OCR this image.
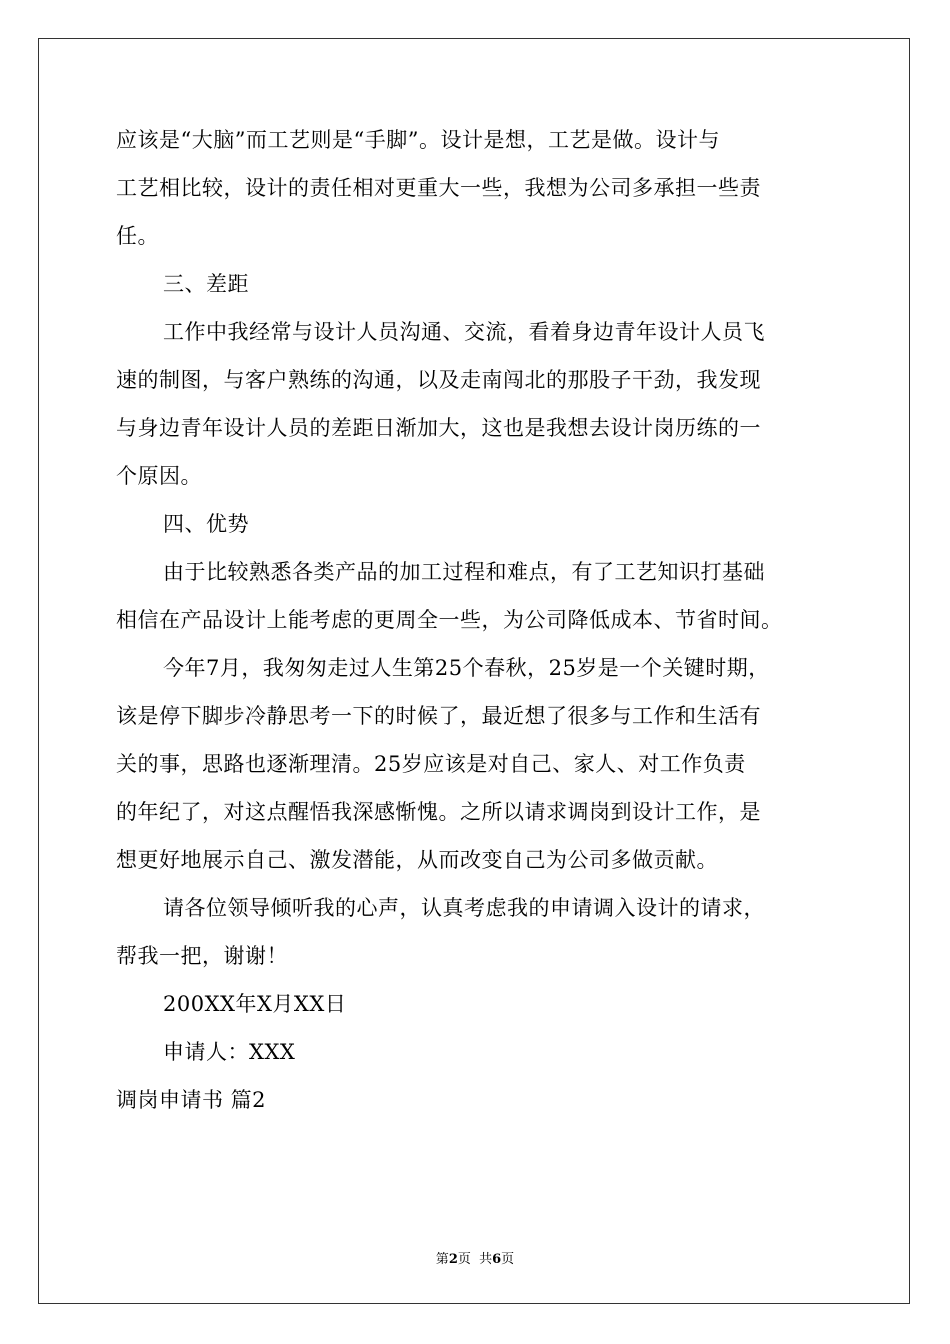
应该是“大脑”而工艺则是“手脚”。设计是想，工艺是做。设计与
工艺相比较，设计的责任相对更重大一些，我想为公司多承担一些责
任。
三、差距
工作中我经常与设计人员沟通、交流，看着身边青年设计人员飞
速的制图，与客户熟练的沟通，以及走南闯北的那股子干劲，我发现
与身边青年设计人员的差距日渐加大，这也是我想去设计岗历练的一
个原因。
四、优势
由于比较熟悉各类产品的加工过程和难点，有了工艺知识打基础
相信在产品设计上能考虑的更周全一些，为公司降低成本、节省时间。
今年7月，我匆匆走过人生第25个春秋，25岁是一个关键时期，
该是停下脚步冷静思考一下的时候了，最近想了很多与工作和生活有
关的事，思路也逐渐理清。25岁应该是对自己、家人、对工作负责
的年纪了，对这点醒悟我深感惭愧。之所以请求调岗到设计工作，是
想更好地展示自己、激发潜能，从而改变自己为公司多做贡献。
请各位领导倾听我的心声，认真考虑我的申请调入设计的请求，
帮我一把，谢谢！
200XX年X月XX日
申请人：XXX
调岗申请书 篇2
第2页  共6页
